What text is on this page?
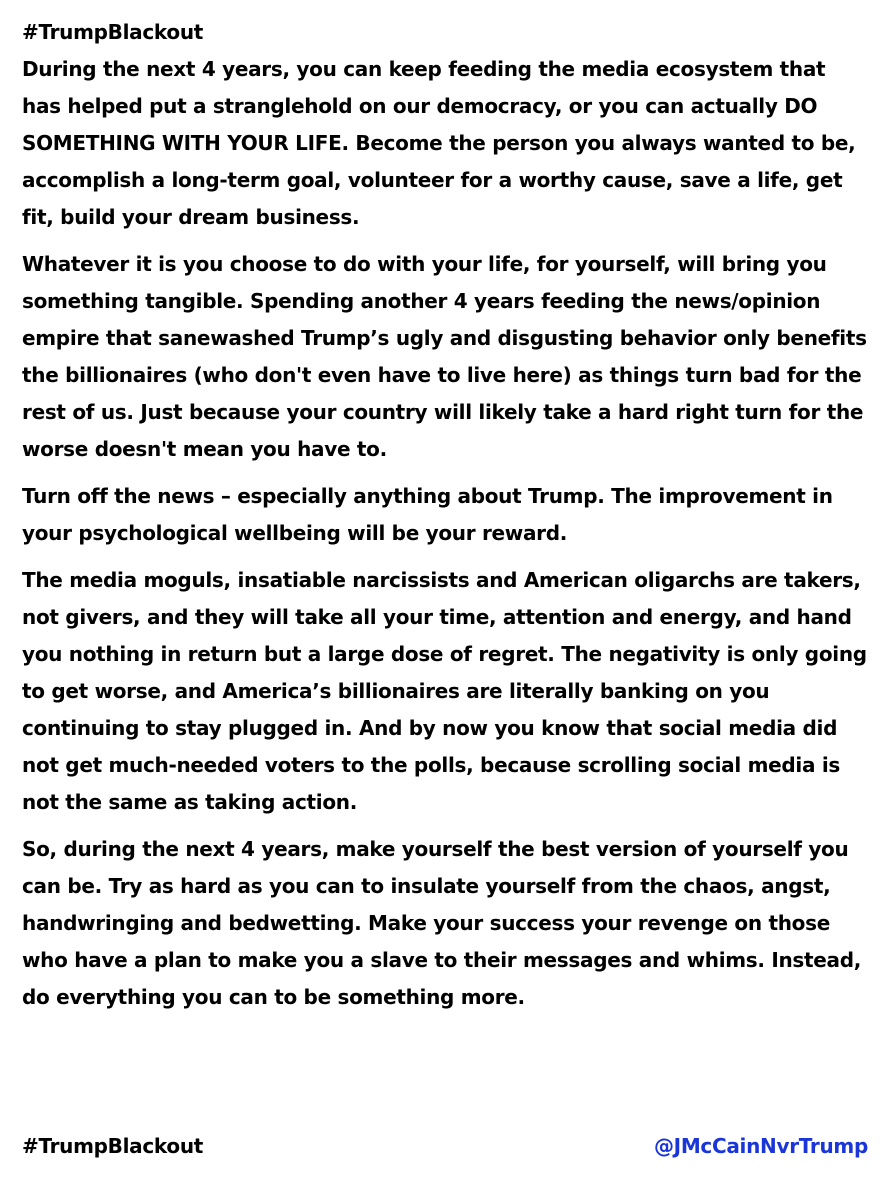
#TrumpBlackout

During the next 4 years, you can keep feeding the media ecosystem that has helped put a stranglehold on our democracy, or you can actually DO SOMETHING WITH YOUR LIFE. Become the person you always wanted to be, accomplish a long-term goal, volunteer for a worthy cause, save a life, get fit, build your dream business.

Whatever it is you choose to do with your life, for yourself, will bring you something tangible. Spending another 4 years feeding the news/opinion empire that sanewashed Trump’s ugly and disgusting behavior only benefits the billionaires (who don't even have to live here) as things turn bad for the rest of us. Just because your country will likely take a hard right turn for the worse doesn't mean you have to.

Turn off the news – especially anything about Trump. The improvement in your psychological wellbeing will be your reward.

The media moguls, insatiable narcissists and American oligarchs are takers, not givers, and they will take all your time, attention and energy, and hand you nothing in return but a large dose of regret. The negativity is only going to get worse, and America’s billionaires are literally banking on you continuing to stay plugged in. And by now you know that social media did not get much-needed voters to the polls, because scrolling social media is not the same as taking action.

So, during the next 4 years, make yourself the best version of yourself you can be. Try as hard as you can to insulate yourself from the chaos, angst, handwringing and bedwetting. Make your success your revenge on those who have a plan to make you a slave to their messages and whims. Instead, do everything you can to be something more.

#TrumpBlackout	@JMcCainNvrTrump
